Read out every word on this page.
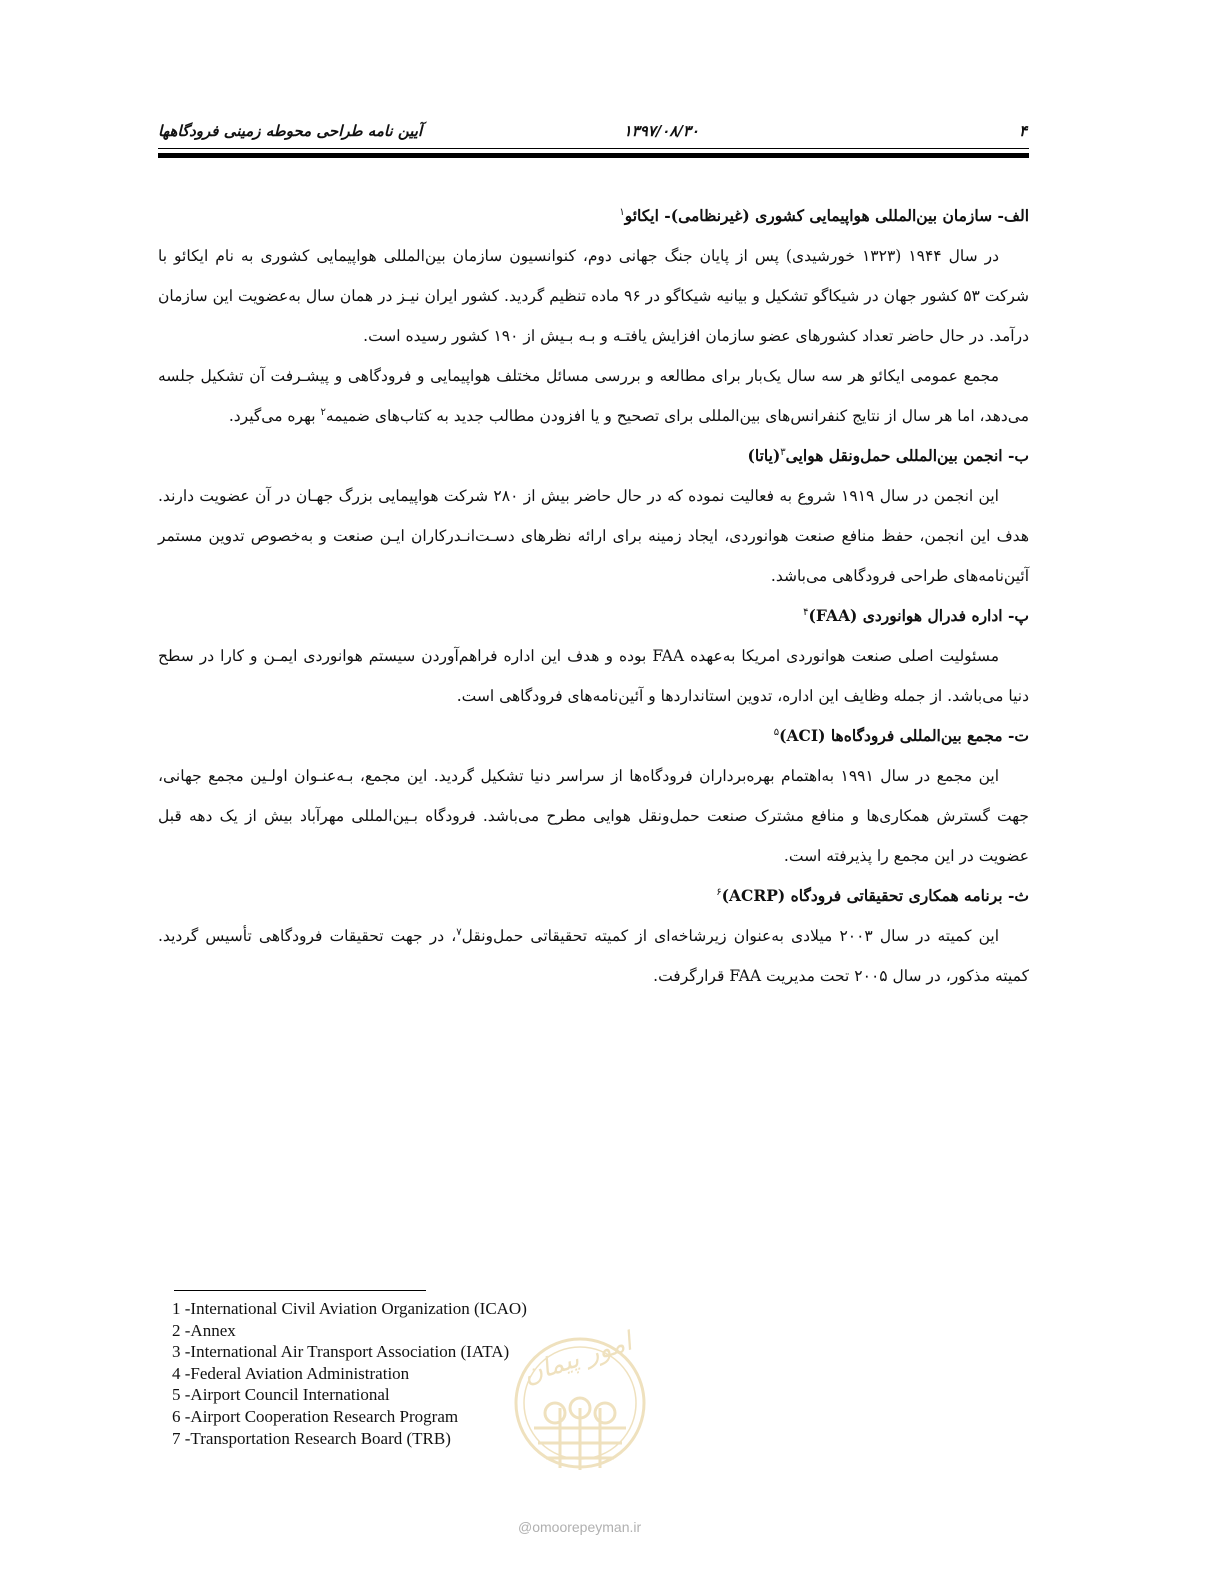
۴
۱۳۹۷/۰۸/۳۰
آیین نامه طراحی محوطه زمینی فرودگاهها
الف- سازمان بین‌المللی هواپیمایی کشوری (غیرنظامی)- ایکائو$^۱$

در سال ۱۹۴۴ (۱۳۲۳ خورشیدی) پس از پایان جنگ جهانی دوم، کنوانسیون سازمان بین‌المللی هواپیمایی کشوری به نام ایکائو با شرکت ۵۳ کشور جهان در شیکاگو تشکیل و بیانیه شیکاگو در ۹۶ ماده تنظیم گردید. کشور ایران نیـز در همان سال به‌عضویت این سازمان درآمد. در حال حاضر تعداد کشورهای عضو سازمان افزایش یافتـه و بـه بـیش از ۱۹۰ کشور رسیده است.

مجمع عمومی ایکائو هر سه سال یک‌بار برای مطالعه و بررسی مسائل مختلف هواپیمایی و فرودگاهی و پیشـرفت آن تشکیل جلسه می‌دهد، اما هر سال از نتایج کنفرانس‌های بین‌المللی برای تصحیح و یا افزودن مطالب جدید به کتاب‌های ضمیمه$^۲$ بهره می‌گیرد.

ب- انجمن بین‌المللی حمل‌ونقل هوایی$^۳$(یاتا)

این انجمن در سال ۱۹۱۹ شروع به فعالیت نموده که در حال حاضر بیش از ۲۸۰ شرکت هواپیمایی بزرگ جهـان در آن عضویت دارند. هدف این انجمن، حفظ منافع صنعت هوانوردی، ایجاد زمینه برای ارائه نظرهای دسـت‌انـدرکاران ایـن صنعت و به‌خصوص تدوین مستمر آئین‌نامه‌های طراحی فرودگاهی می‌باشد.

پ- اداره فدرال هوانوردی (FAA)$^۴$

مسئولیت اصلی صنعت هوانوردی امریکا به‌عهده FAA بوده و هدف این اداره فراهم‌آوردن سیستم هوانوردی ایمـن و کارا در سطح دنیا می‌باشد. از جمله وظایف این اداره، تدوین استانداردها و آئین‌نامه‌های فرودگاهی است.

ت- مجمع بین‌المللی فرودگاه‌ها (ACI)$^۵$

این مجمع در سال ۱۹۹۱ به‌اهتمام بهره‌برداران فرودگاه‌ها از سراسر دنیا تشکیل گردید. این مجمع، بـه‌عنـوان اولـین مجمع جهانی، جهت گسترش همکاری‌ها و منافع مشترک صنعت حمل‌ونقل هوایی مطرح می‌باشد. فرودگاه بـین‌المللی مهرآباد بیش از یک دهه قبل عضویت در این مجمع را پذیرفته است.

ث- برنامه همکاری تحقیقاتی فرودگاه (ACRP)$^۶$

این کمیته در سال ۲۰۰۳ میلادی به‌عنوان زیرشاخه‌ای از کمیته تحقیقاتی حمل‌ونقل$^۷$، در جهت تحقیقات فرودگاهی تأسیس گردید. کمیته مذکور، در سال ۲۰۰۵ تحت مدیریت FAA قرارگرفت.

1 -International Civil Aviation Organization (ICAO)
2 -Annex
3 -International Air Transport Association (IATA)
4 -Federal Aviation Administration
5 -Airport Council International
6 -Airport Cooperation Research Program
7 -Transportation Research Board (TRB)
امور پیمان
@omoorepeyman.ir
